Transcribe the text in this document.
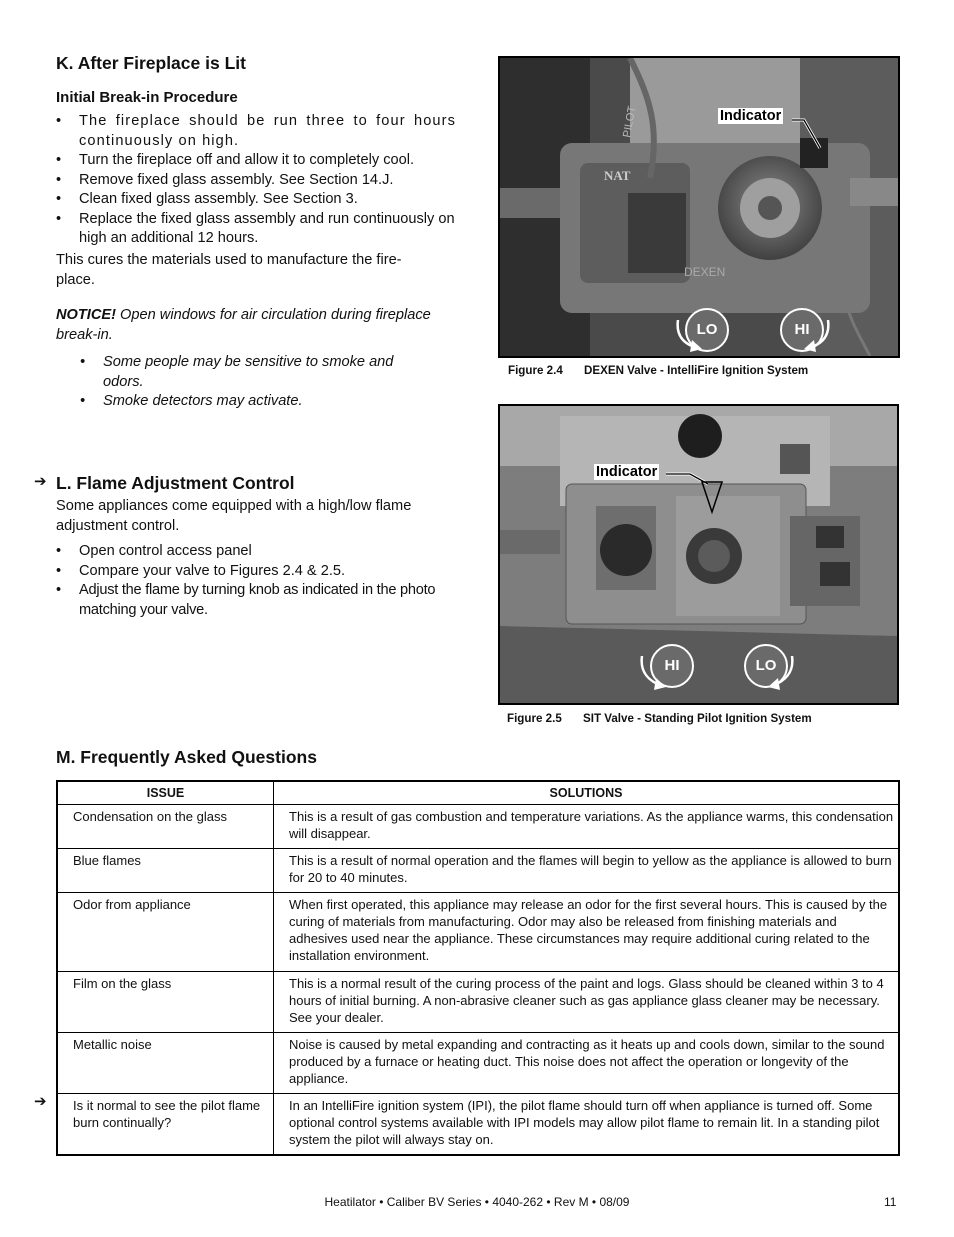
K. After Fireplace is Lit
Initial Break-in Procedure
• The fireplace should be run three to four hours continuously on high.
• Turn the fireplace off and allow it to completely cool.
• Remove fixed glass assembly. See Section 14.J.
• Clean fixed glass assembly. See Section 3.
• Replace the fixed glass assembly and run continuously on high an additional 12 hours.
This cures the materials used to manufacture the fire-place.
NOTICE! Open windows for air circulation during fireplace break-in.
• Some people may be sensitive to smoke and odors.
• Smoke detectors may activate.
➔ L. Flame Adjustment Control
Some appliances come equipped with a high/low flame adjustment control.
• Open control access panel
• Compare your valve to Figures 2.4 & 2.5.
• Adjust the flame by turning knob as indicated in the photo matching your valve.
PILOT
NAT
DEXEN
Indicator
LO	HI
Figure 2.4 DEXEN Valve - IntelliFire Ignition System
Indicator
HI	LO
Figure 2.5 SIT Valve - Standing Pilot Ignition System
M. Frequently Asked Questions
ISSUE	SOLUTIONS
Condensation on the glass	This is a result of gas combustion and temperature variations. As the appliance warms, this condensation will disappear.
Blue flames	This is a result of normal operation and the flames will begin to yellow as the appliance is allowed to burn for 20 to 40 minutes.
Odor from appliance	When first operated, this appliance may release an odor for the first several hours. This is caused by the curing of materials from manufacturing. Odor may also be released from finishing materials and adhesives used near the appliance. These circumstances may require additional curing related to the installation environment.
Film on the glass	This is a normal result of the curing process of the paint and logs. Glass should be cleaned within 3 to 4 hours of initial burning. A non-abrasive cleaner such as gas appliance glass cleaner may be necessary. See your dealer.
Metallic noise	Noise is caused by metal expanding and contracting as it heats up and cools down, similar to the sound produced by a furnace or heating duct. This noise does not affect the operation or longevity of the appliance.
Is it normal to see the pilot flame burn continually?	In an IntelliFire ignition system (IPI), the pilot flame should turn off when appliance is turned off. Some optional control systems available with IPI models may allow pilot flame to remain lit. In a standing pilot system the pilot will always stay on.
➔
Heatilator • Caliber BV Series • 4040-262 • Rev M • 08/09	11
